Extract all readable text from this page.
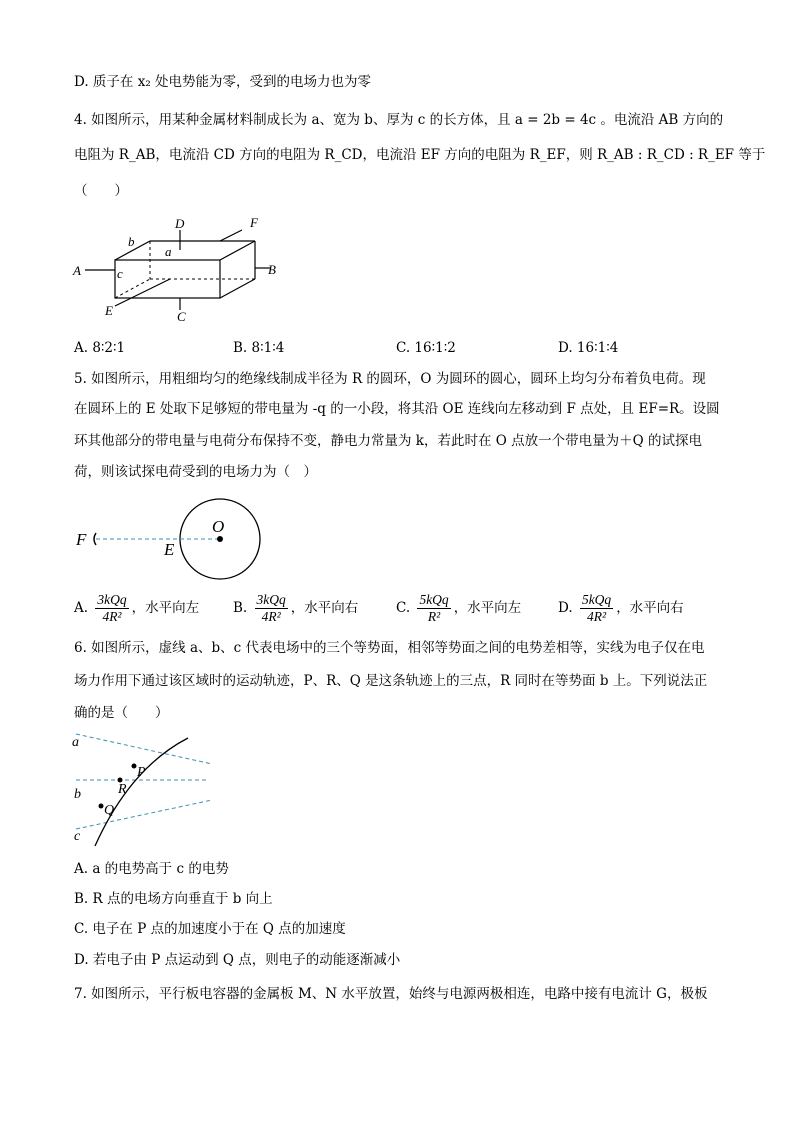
D. 质子在 x₂ 处电势能为零，受到的电场力也为零
4. 如图所示，用某种金属材料制成长为 a、宽为 b、厚为 c 的长方体，且 a = 2b = 4c 。电流沿 AB 方向的
电阻为 R_AB，电流沿 CD 方向的电阻为 R_CD，电流沿 EF 方向的电阻为 R_EF，则 R_AB : R_CD : R_EF 等于
（　　）
b
a
c
A	B
D
C
F
E
A. 8∶2∶1	B. 8∶1∶4	C. 16∶1∶2	D. 16∶1∶4
5. 如图所示，用粗细均匀的绝缘线制成半径为 R 的圆环，O 为圆环的圆心，圆环上均匀分布着负电荷。现
在圆环上的 E 处取下足够短的带电量为 -q 的一小段，将其沿 OE 连线向左移动到 F 点处，且 EF=R。设圆
环其他部分的带电量与电荷分布保持不变，静电力常量为 k，若此时在 O 点放一个带电量为＋Q 的试探电
荷，则该试探电荷受到的电场力为（　）
F
E
O
A. $\frac{\text{3kQq}}{\text{4R²}}$ ，水平向左	B. $\frac{\text{3kQq}}{\text{4R²}}$ ，水平向右	C. $\frac{\text{5kQq}}{\text{R²}}$ ，水平向左	D. $\frac{\text{5kQq}}{\text{4R²}}$ ，水平向右
6. 如图所示，虚线 a、b、c 代表电场中的三个等势面，相邻等势面之间的电势差相等，实线为电子仅在电
场力作用下通过该区域时的运动轨迹，P、R、Q 是这条轨迹上的三点，R 同时在等势面 b 上。下列说法正
确的是（　　）
a
b
c
P
R
Q
A. a 的电势高于 c 的电势
B. R 点的电场方向垂直于 b 向上
C. 电子在 P 点的加速度小于在 Q 点的加速度
D. 若电子由 P 点运动到 Q 点，则电子的动能逐渐减小
7. 如图所示，平行板电容器的金属板 M、N 水平放置，始终与电源两极相连，电路中接有电流计 G，极板
